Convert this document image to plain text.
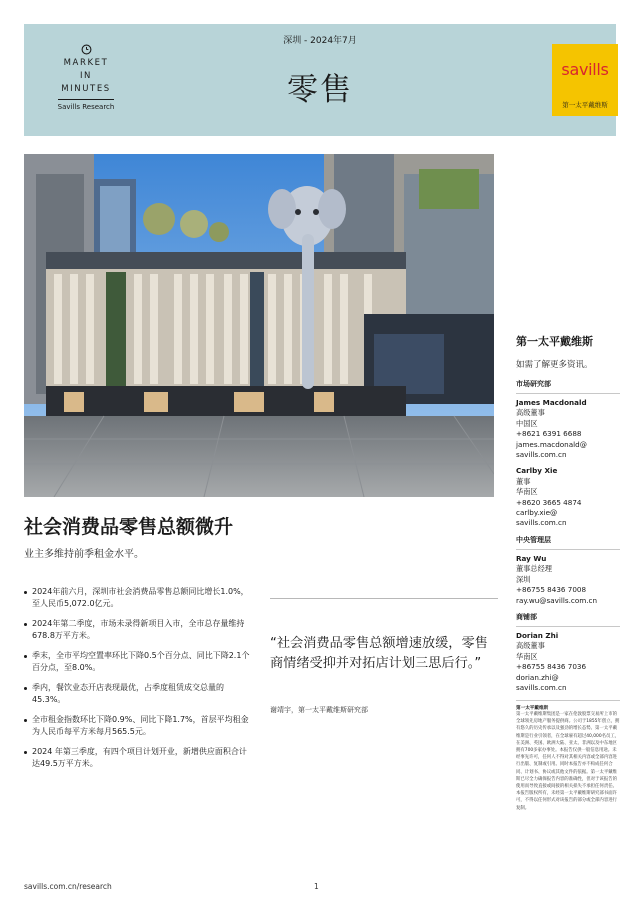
MARKET
IN
MINUTES
Savills Research
深圳 - 2024年7月
零售
savills
第一太平戴维斯
社会消费品零售总额微升
业主多维持前季租金水平。
2024年前六月，深圳市社会消费品零售总额同比增长1.0%，至人民币5,072.0亿元。
2024年第二季度，市场未录得新项目入市，全市总存量维持678.8万平方米。
季末，全市平均空置率环比下降0.5个百分点、同比下降2.1个百分点，至8.0%。
季内，餐饮业态开店表现最优，占季度租赁成交总量的45.3%。
全市租金指数环比下降0.9%、同比下降1.7%，首层平均租金为人民币每平方米每月565.5元。
2024 年第三季度，有四个项目计划开业，新增供应面积合计达49.5万平方米。
“社会消费品零售总额增速放缓，零售商情绪受抑并对拓店计划三思后行。”
谢靖宇，第一太平戴维斯研究部
第一太平戴维斯
如需了解更多资讯。
市场研究部
James Macdonald
高级董事
中国区
+8621 6391 6688
james.macdonald@
savills.com.cn
Carlby Xie
董事
华南区
+8620 3665 4874
carlby.xie@
savills.com.cn
中央管理层
Ray Wu
董事总经理
深圳
+86755 8436 7008
ray.wu@savills.com.cn
商铺部
Dorian Zhi
高级董事
华南区
+86755 8436 7036
dorian.zhi@
savills.com.cn
第一太平戴维斯
第一太平戴维斯集团是一家在伦敦股票交易所上市的全球领先房地产服务提供商。公司于1855年创立，拥有悠久的历史传承以及强劲的增长态势。第一太平戴维斯是行业引领者，在全球雇有超过40,000名员工，在美洲、英国、欧洲大陆、亚太、非洲以及中东地区拥有700多家办事处。本报告仅供一般信息用途。未经事先许可，任何人不得对其相关内容或全部内容进行出版、复制或引用。同时本报告亦不构成任何合同、计划书、协议或其他文件的依据。第一太平戴维斯已尽全力确保报告内容的准确性，但对于该报告的使用而导致直接或间接的相关损失不承担任何责任。本报告版权所有，未经第一太平戴维斯研究部书面许可，不得以任何形式对该报告的部分或全部内容进行复制。
savills.com.cn/research	1
